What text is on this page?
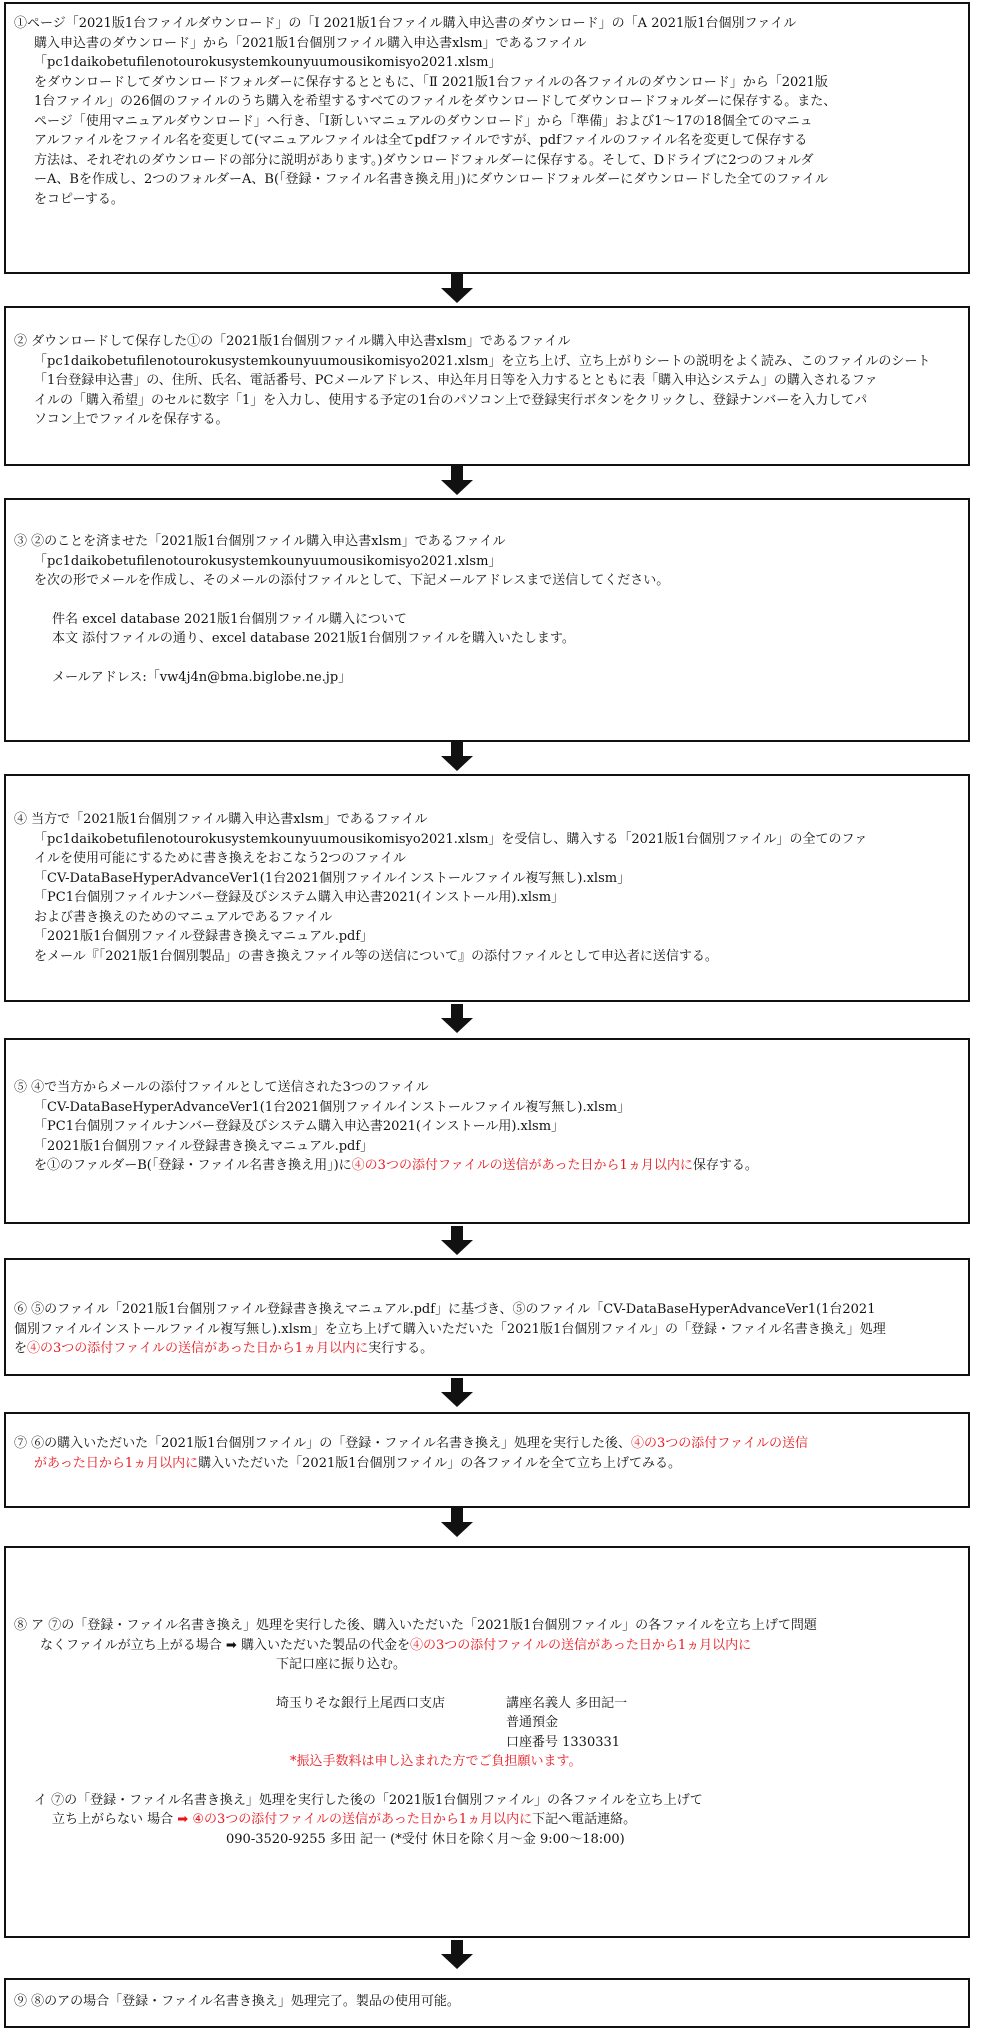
①ページ「2021版1台ファイルダウンロード」の「Ⅰ 2021版1台ファイル購入申込書のダウンロード」の「A 2021版1台個別ファイル
購入申込書のダウンロード」から「2021版1台個別ファイル購入申込書xlsm」であるファイル
「pc1daikobetufilenotourokusystemkounyuumousikomisyo2021.xlsm」
をダウンロードしてダウンロードフォルダーに保存するとともに、「Ⅱ 2021版1台ファイルの各ファイルのダウンロード」から「2021版
1台ファイル」の26個のファイルのうち購入を希望するすべてのファイルをダウンロードしてダウンロードフォルダーに保存する。また、
ページ「使用マニュアルダウンロード」へ行き、「Ⅰ新しいマニュアルのダウンロード」から「準備」および1～17の18個全てのマニュ
アルファイルをファイル名を変更して(マニュアルファイルは全てpdfファイルですが、pdfファイルのファイル名を変更して保存する
方法は、それぞれのダウンロードの部分に説明があります。)ダウンロードフォルダーに保存する。そして、Dドライブに2つのフォルダ
ーA、Bを作成し、2つのフォルダーA、B(「登録・ファイル名書き換え用」)にダウンロードフォルダーにダウンロードした全てのファイル
をコピーする。
② ダウンロードして保存した①の「2021版1台個別ファイル購入申込書xlsm」であるファイル
「pc1daikobetufilenotourokusystemkounyuumousikomisyo2021.xlsm」を立ち上げ、立ち上がりシートの説明をよく読み、このファイルのシート
「1台登録申込書」の、住所、氏名、電話番号、PCメールアドレス、申込年月日等を入力するとともに表「購入申込システム」の購入されるファ
イルの「購入希望」のセルに数字「1」を入力し、使用する予定の1台のパソコン上で登録実行ボタンをクリックし、登録ナンバーを入力してパ
ソコン上でファイルを保存する。
③ ②のことを済ませた「2021版1台個別ファイル購入申込書xlsm」であるファイル
「pc1daikobetufilenotourokusystemkounyuumousikomisyo2021.xlsm」
を次の形でメールを作成し、そのメールの添付ファイルとして、下記メールアドレスまで送信してください。
件名 excel database 2021版1台個別ファイル購入について
本文 添付ファイルの通り、excel database 2021版1台個別ファイルを購入いたします。
メールアドレス:「vw4j4n@bma.biglobe.ne.jp」
④ 当方で「2021版1台個別ファイル購入申込書xlsm」であるファイル
「pc1daikobetufilenotourokusystemkounyuumousikomisyo2021.xlsm」を受信し、購入する「2021版1台個別ファイル」の全てのファ
イルを使用可能にするために書き換えをおこなう2つのファイル
「CV-DataBaseHyperAdvanceVer1(1台2021個別ファイルインストールファイル複写無し).xlsm」
「PC1台個別ファイルナンバー登録及びシステム購入申込書2021(インストール用).xlsm」
および書き換えのためのマニュアルであるファイル
「2021版1台個別ファイル登録書き換えマニュアル.pdf」
をメール『「2021版1台個別製品」の書き換えファイル等の送信について』の添付ファイルとして申込者に送信する。
⑤ ④で当方からメールの添付ファイルとして送信された3つのファイル
「CV-DataBaseHyperAdvanceVer1(1台2021個別ファイルインストールファイル複写無し).xlsm」
「PC1台個別ファイルナンバー登録及びシステム購入申込書2021(インストール用).xlsm」
「2021版1台個別ファイル登録書き換えマニュアル.pdf」
を①のファルダーB(「登録・ファイル名書き換え用」)に④の3つの添付ファイルの送信があった日から1ヵ月以内に保存する。
⑥ ⑤のファイル「2021版1台個別ファイル登録書き換えマニュアル.pdf」に基づき、⑤のファイル「CV-DataBaseHyperAdvanceVer1(1台2021
個別ファイルインストールファイル複写無し).xlsm」を立ち上げて購入いただいた「2021版1台個別ファイル」の「登録・ファイル名書き換え」処理
を④の3つの添付ファイルの送信があった日から1ヵ月以内に実行する。
⑦ ⑥の購入いただいた「2021版1台個別ファイル」の「登録・ファイル名書き換え」処理を実行した後、④の3つの添付ファイルの送信
があった日から1ヵ月以内に購入いただいた「2021版1台個別ファイル」の各ファイルを全て立ち上げてみる。
⑧ ア ⑦の「登録・ファイル名書き換え」処理を実行した後、購入いただいた「2021版1台個別ファイル」の各ファイルを立ち上げて問題
なくファイルが立ち上がる場合 ➡ 購入いただいた製品の代金を④の3つの添付ファイルの送信があった日から1ヵ月以内に
下記口座に振り込む。
埼玉りそな銀行上尾西口支店	講座名義人 多田記一
普通預金
口座番号 1330331
*振込手数料は申し込まれた方でご負担願います。
イ ⑦の「登録・ファイル名書き換え」処理を実行した後の「2021版1台個別ファイル」の各ファイルを立ち上げて
立ち上がらない 場合 ➡ ④の3つの添付ファイルの送信があった日から1ヵ月以内に下記へ電話連絡。
090-3520-9255 多田 記一 (*受付 休日を除く月～金 9:00～18:00)
⑨ ⑧のアの場合「登録・ファイル名書き換え」処理完了。製品の使用可能。
